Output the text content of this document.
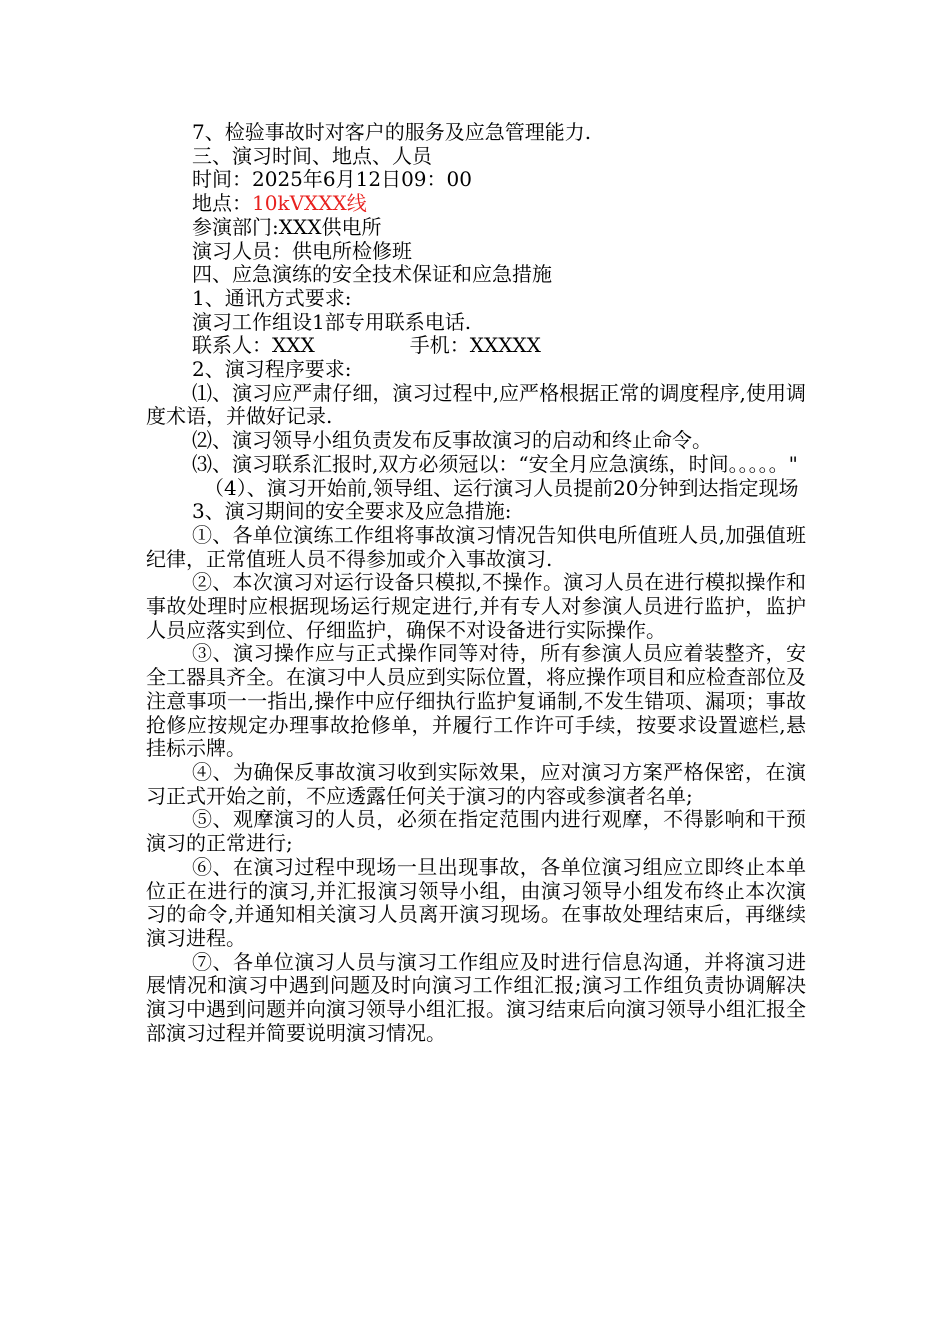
7、检验事故时对客户的服务及应急管理能力.

三、演习时间、地点、人员

时间：2025年6月12日09：00

地点：10kVXXX线

参演部门:XXX供电所

演习人员：供电所检修班

四、应急演练的安全技术保证和应急措施

1、通讯方式要求:

演习工作组设1部专用联系电话.

联系人：XXX	手机：XXXXX

2、演习程序要求:

⑴、演习应严肃仔细，演习过程中,应严格根据正常的调度程序,使用调度术语，并做好记录.

⑵、演习领导小组负责发布反事故演习的启动和终止命令。

⑶、演习联系汇报时,双方必须冠以：“安全月应急演练，时间。。。。。"

（4）、演习开始前,领导组、运行演习人员提前20分钟到达指定现场

3、演习期间的安全要求及应急措施:

①、各单位演练工作组将事故演习情况告知供电所值班人员,加强值班纪律，正常值班人员不得参加或介入事故演习.

②、本次演习对运行设备只模拟,不操作。演习人员在进行模拟操作和事故处理时应根据现场运行规定进行,并有专人对参演人员进行监护，监护人员应落实到位、仔细监护，确保不对设备进行实际操作。

③、演习操作应与正式操作同等对待，所有参演人员应着装整齐，安全工器具齐全。在演习中人员应到实际位置，将应操作项目和应检查部位及注意事项一一指出,操作中应仔细执行监护复诵制,不发生错项、漏项；事故抢修应按规定办理事故抢修单，并履行工作许可手续，按要求设置遮栏,悬挂标示牌。

④、为确保反事故演习收到实际效果，应对演习方案严格保密，在演习正式开始之前，不应透露任何关于演习的内容或参演者名单;

⑤、观摩演习的人员，必须在指定范围内进行观摩，不得影响和干预演习的正常进行;

⑥、在演习过程中现场一旦出现事故，各单位演习组应立即终止本单位正在进行的演习,并汇报演习领导小组，由演习领导小组发布终止本次演习的命令,并通知相关演习人员离开演习现场。在事故处理结束后，再继续演习进程。

⑦、各单位演习人员与演习工作组应及时进行信息沟通，并将演习进展情况和演习中遇到问题及时向演习工作组汇报;演习工作组负责协调解决演习中遇到问题并向演习领导小组汇报。演习结束后向演习领导小组汇报全部演习过程并简要说明演习情况。
